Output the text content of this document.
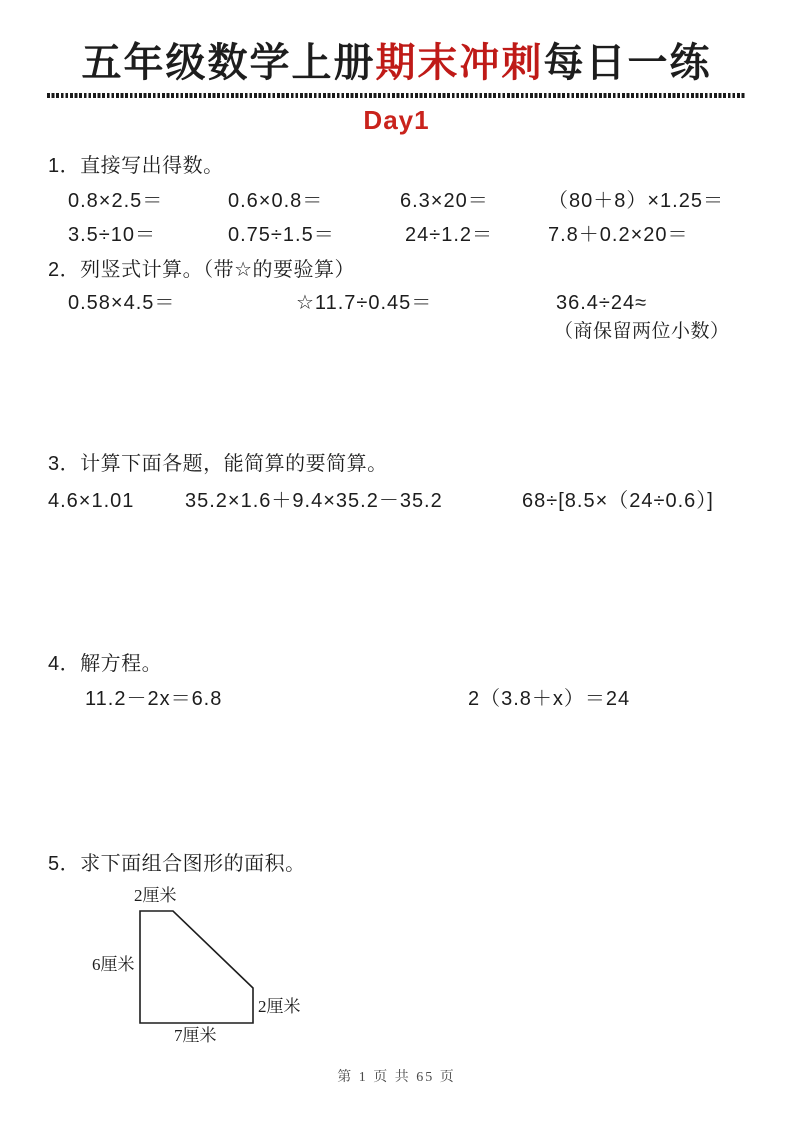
五年级数学上册期末冲刺每日一练
Day1
1．直接写出得数。
0.8×2.5＝	0.6×0.8＝	6.3×20＝	（80＋8）×1.25＝
3.5÷10＝	0.75÷1.5＝	24÷1.2＝	7.8＋0.2×20＝
2．列竖式计算。（带☆的要验算）
0.58×4.5＝	☆11.7÷0.45＝	36.4÷24≈
（商保留两位小数）
3．计算下面各题，能简算的要简算。
4.6×1.01	35.2×1.6＋9.4×35.2－35.2	68÷[8.5×（24÷0.6）]
4．解方程。
11.2－2x＝6.8	2（3.8＋x）＝24
5．求下面组合图形的面积。
2厘米
6厘米
2厘米
7厘米
第 1 页 共 65 页
